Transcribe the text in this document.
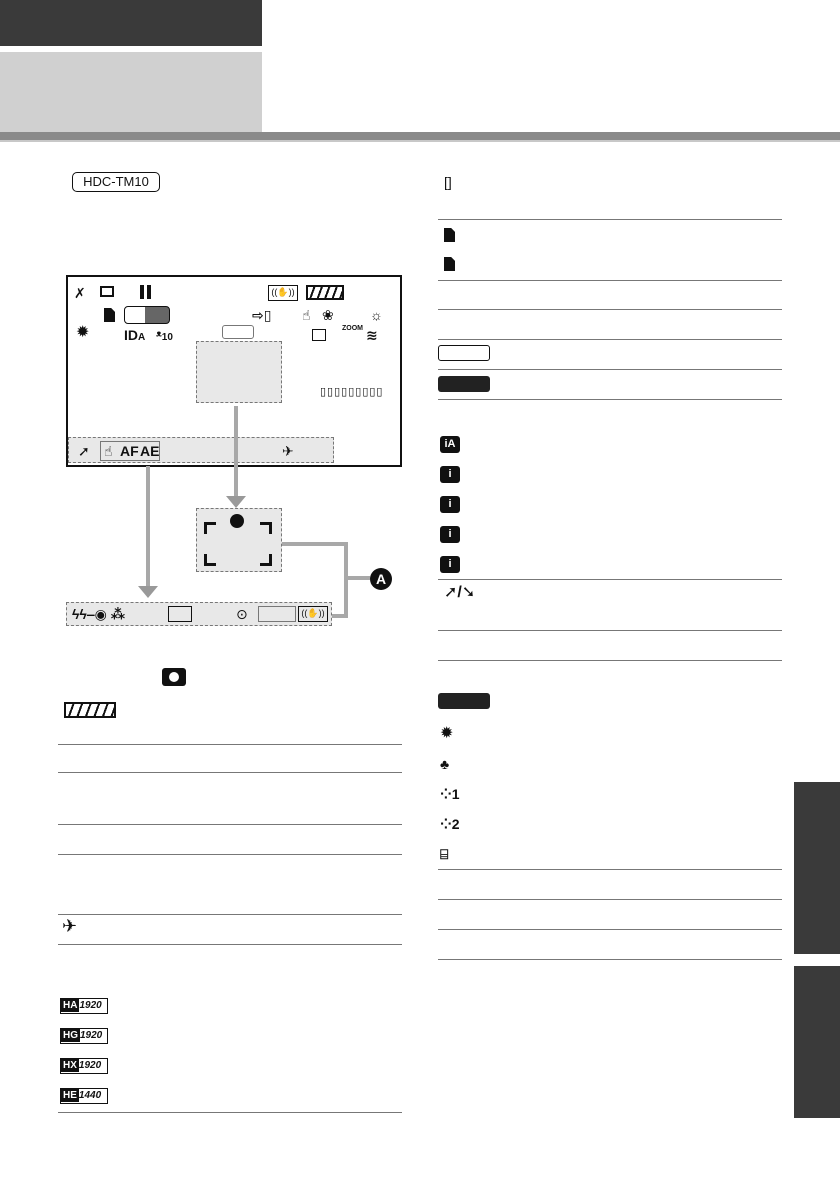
HDC-TM10
✗
✹ IDA ᵜ10
((✋))
⇨▯ ☝ ❀	☼
ZOOM ≋
▯▯▯▯▯▯▯▯▯
➚ ☝ AF AE	✈
A
ϟϟ‒◉ ⁂	⊙	((✋))
✈
HA 1920
HG 1920
HX 1920
HE 1440
[]
iA
i
i
i
i
➚/➘
✹
♣
⁘1
⁘2
⌸
